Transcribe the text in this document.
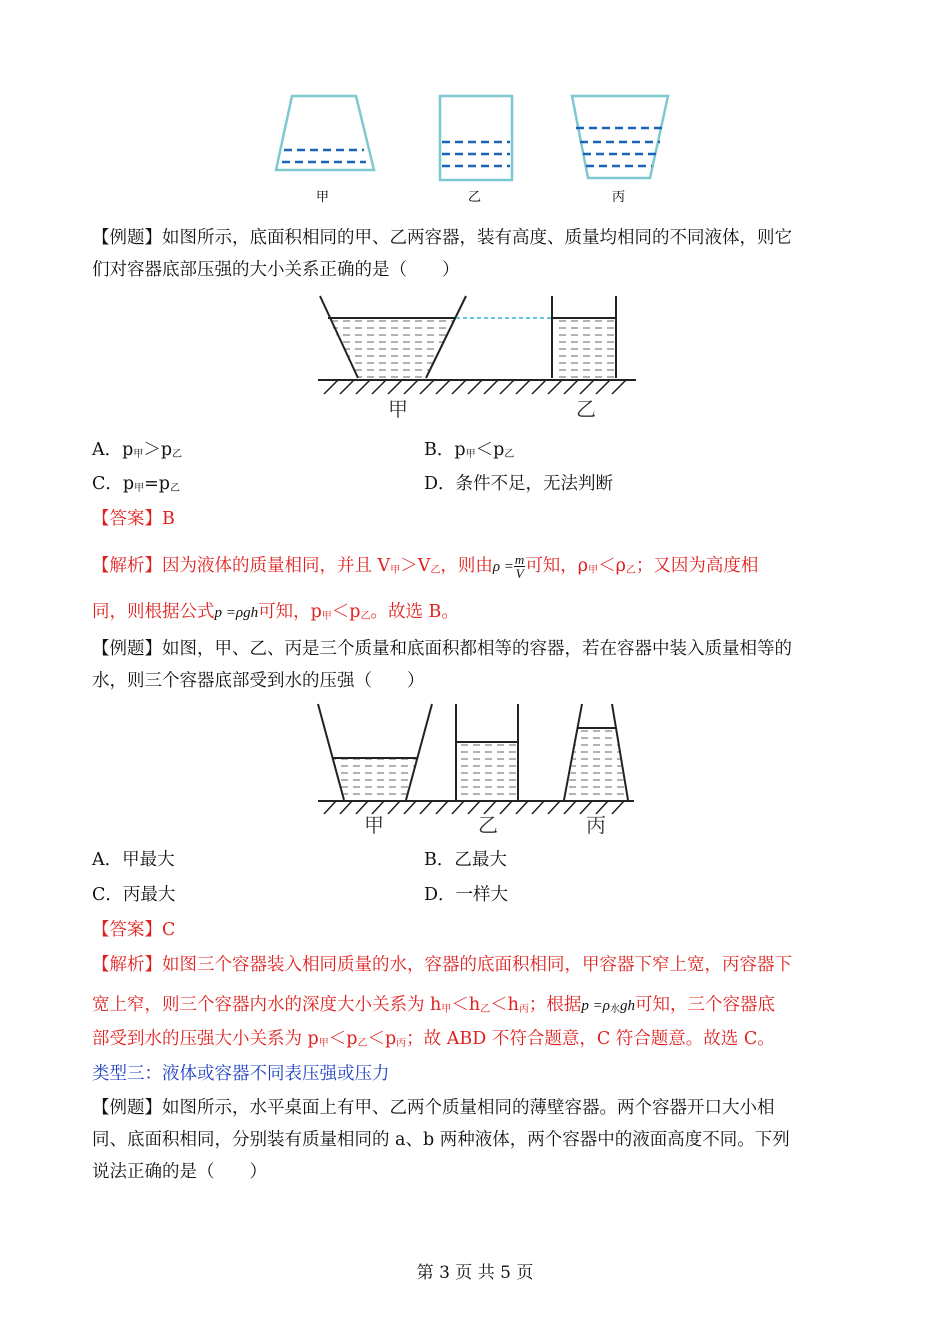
甲	乙	丙
【例题】如图所示，底面积相同的甲、乙两容器，装有高度、质量均相同的不同液体，则它
们对容器底部压强的大小关系正确的是（　　）
甲	乙
A．$p_甲>p_乙$	B．$p_甲<p_乙$
C．$p_甲=p_乙$	D．条件不足，无法判断
【答案】B
【解析】因为液体的质量相同，并且 $V_甲>V_乙$，则由$\rho = \frac{m}{V}$ 可知，$\rho_甲<\rho_乙$；又因为高度相
同，则根据公式p =ρgh可知，$p_甲<p_乙$。故选 B。
【例题】如图，甲、乙、丙是三个质量和底面积都相等的容器，若在容器中装入质量相等的
水，则三个容器底部受到水的压强（　　）
甲	乙	丙
A．甲最大	B．乙最大
C．丙最大	D．一样大
【答案】C
【解析】如图三个容器装入相同质量的水，容器的底面积相同，甲容器下窄上宽，丙容器下
宽上窄，则三个容器内水的深度大小关系为 $h_甲<h_乙<h_丙$；根据$p =\rho_水gh$可知，三个容器底
部受到水的压强大小关系为 $p_甲<p_乙<p_丙$；故 ABD 不符合题意，C 符合题意。故选 C。
类型三：液体或容器不同表压强或压力
【例题】如图所示，水平桌面上有甲、乙两个质量相同的薄壁容器。两个容器开口大小相
同、底面积相同，分别装有质量相同的 a、b 两种液体，两个容器中的液面高度不同。下列
说法正确的是（　　）
第 3 页 共 5 页
